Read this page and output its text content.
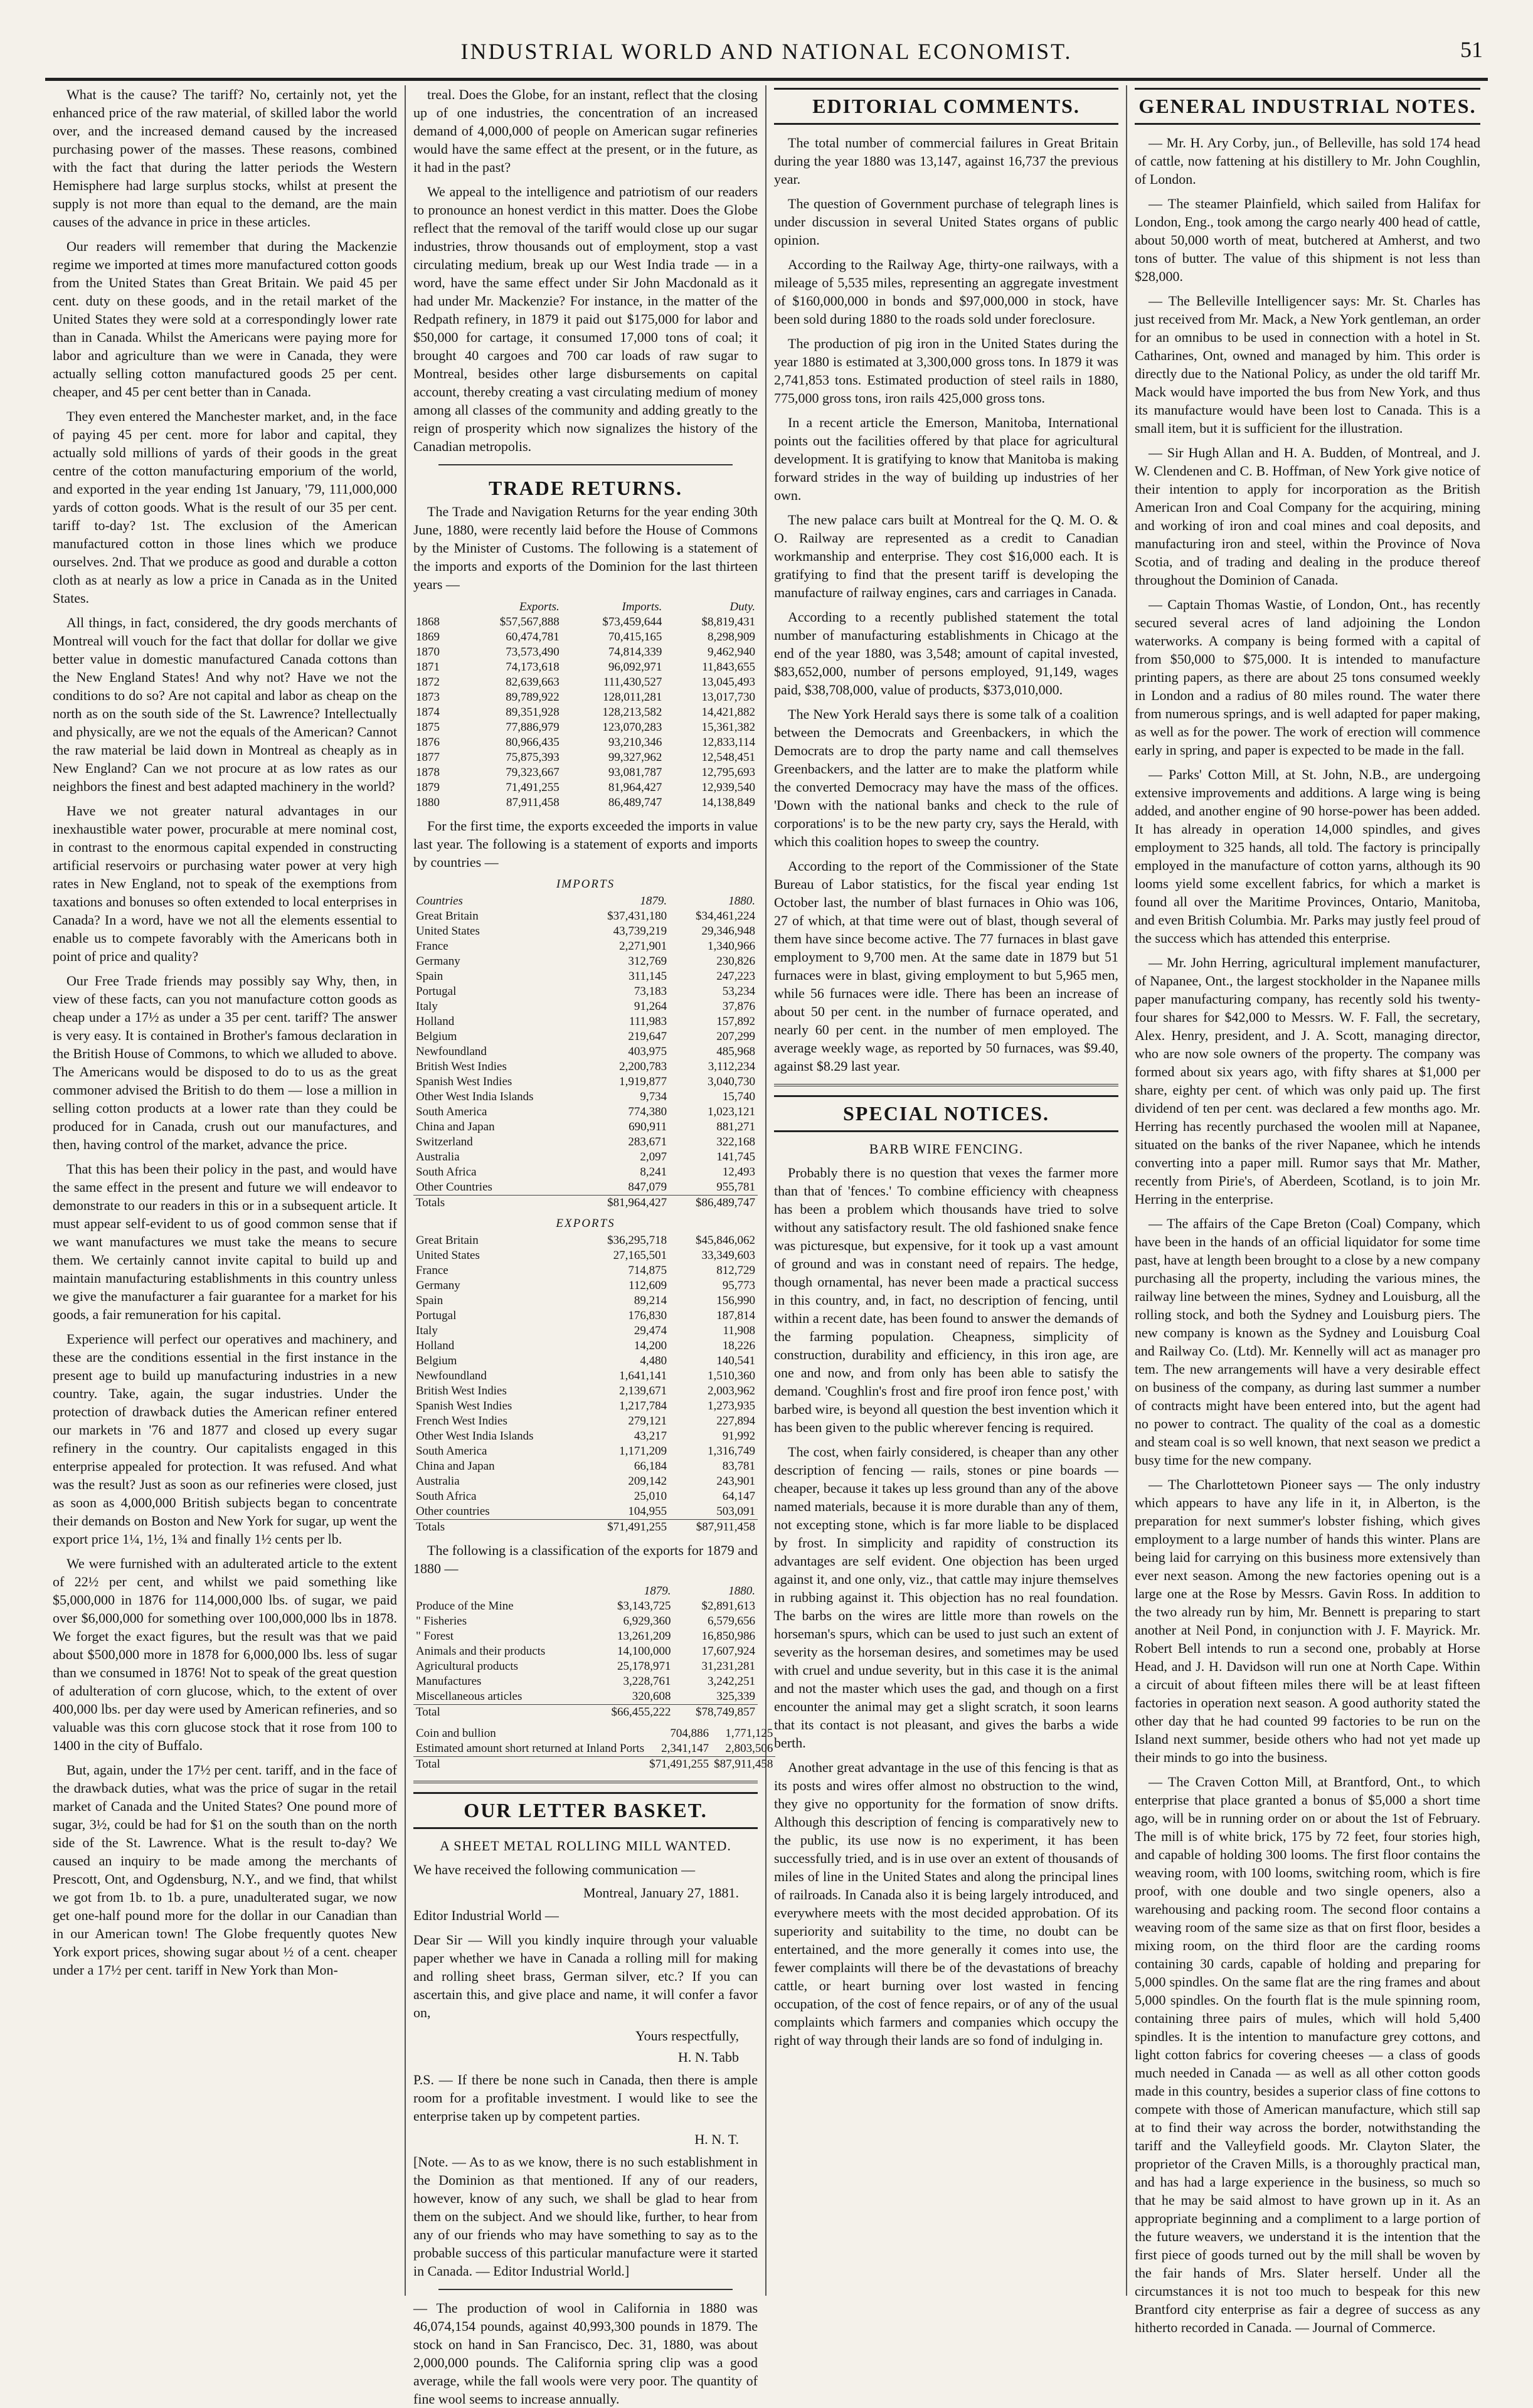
INDUSTRIAL WORLD AND NATIONAL ECONOMIST.	51

What is the cause? The tariff? No, certainly not, yet the enhanced price of the raw material, of skilled labor the world over, and the increased demand caused by the increased purchasing power of the masses. These reasons, combined with the fact that during the latter periods the Western Hemisphere had large surplus stocks, whilst at present the supply is not more than equal to the demand, are the main causes of the advance in price in these articles.

Our readers will remember that during the Mackenzie regime we imported at times more manufactured cotton goods from the United States than Great Britain. We paid 45 per cent. duty on these goods, and in the retail market of the United States they were sold at a correspondingly lower rate than in Canada. Whilst the Americans were paying more for labor and agriculture than we were in Canada, they were actually selling cotton manufactured goods 25 per cent. cheaper, and 45 per cent better than in Canada.

They even entered the Manchester market, and, in the face of paying 45 per cent. more for labor and capital, they actually sold millions of yards of their goods in the great centre of the cotton manufacturing emporium of the world, and exported in the year ending 1st January, '79, 111,000,000 yards of cotton goods. What is the result of our 35 per cent. tariff to-day? 1st. The exclusion of the American manufactured cotton in those lines which we produce ourselves. 2nd. That we produce as good and durable a cotton cloth as at nearly as low a price in Canada as in the United States.

All things, in fact, considered, the dry goods merchants of Montreal will vouch for the fact that dollar for dollar we give better value in domestic manufactured Canada cottons than the New England States! And why not? Have we not the conditions to do so? Are not capital and labor as cheap on the north as on the south side of the St. Lawrence? Intellectually and physically, are we not the equals of the American? Cannot the raw material be laid down in Montreal as cheaply as in New England? Can we not procure at as low rates as our neighbors the finest and best adapted machinery in the world?

Have we not greater natural advantages in our inexhaustible water power, procurable at mere nominal cost, in contrast to the enormous capital expended in constructing artificial reservoirs or purchasing water power at very high rates in New England, not to speak of the exemptions from taxations and bonuses so often extended to local enterprises in Canada? In a word, have we not all the elements essential to enable us to compete favorably with the Americans both in point of price and quality?

Our Free Trade friends may possibly say Why, then, in view of these facts, can you not manufacture cotton goods as cheap under a 17½ as under a 35 per cent. tariff? The answer is very easy. It is contained in Brother's famous declaration in the British House of Commons, to which we alluded to above. The Americans would be disposed to do to us as the great commoner advised the British to do them — lose a million in selling cotton products at a lower rate than they could be produced for in Canada, crush out our manufactures, and then, having control of the market, advance the price.

That this has been their policy in the past, and would have the same effect in the present and future we will endeavor to demonstrate to our readers in this or in a subsequent article. It must appear self-evident to us of good common sense that if we want manufactures we must take the means to secure them. We certainly cannot invite capital to build up and maintain manufacturing establishments in this country unless we give the manufacturer a fair guarantee for a market for his goods, a fair remuneration for his capital.

Experience will perfect our operatives and machinery, and these are the conditions essential in the first instance in the present age to build up manufacturing industries in a new country. Take, again, the sugar industries. Under the protection of drawback duties the American refiner entered our markets in '76 and 1877 and closed up every sugar refinery in the country. Our capitalists engaged in this enterprise appealed for protection. It was refused. And what was the result? Just as soon as our refineries were closed, just as soon as 4,000,000 British subjects began to concentrate their demands on Boston and New York for sugar, up went the export price 1¼, 1½, 1¾ and finally 1½ cents per lb.

We were furnished with an adulterated article to the extent of 22½ per cent, and whilst we paid something like $5,000,000 in 1876 for 114,000,000 lbs. of sugar, we paid over $6,000,000 for something over 100,000,000 lbs in 1878. We forget the exact figures, but the result was that we paid about $500,000 more in 1878 for 6,000,000 lbs. less of sugar than we consumed in 1876! Not to speak of the great question of adulteration of corn glucose, which, to the extent of over 400,000 lbs. per day were used by American refineries, and so valuable was this corn glucose stock that it rose from 100 to 1400 in the city of Buffalo.

But, again, under the 17½ per cent. tariff, and in the face of the drawback duties, what was the price of sugar in the retail market of Canada and the United States? One pound more of sugar, 3½, could be had for $1 on the south than on the north side of the St. Lawrence. What is the result to-day? We caused an inquiry to be made among the merchants of Prescott, Ont, and Ogdensburg, N.Y., and we find, that whilst we got from 1b. to 1b. a pure, unadulterated sugar, we now get one-half pound more for the dollar in our Canadian than in our American town! The Globe frequently quotes New York export prices, showing sugar about ½ of a cent. cheaper under a 17½ per cent. tariff in New York than Mon-

treal. Does the Globe, for an instant, reflect that the closing up of one industries, the concentration of an increased demand of 4,000,000 of people on American sugar refineries would have the same effect at the present, or in the future, as it had in the past?

We appeal to the intelligence and patriotism of our readers to pronounce an honest verdict in this matter. Does the Globe reflect that the removal of the tariff would close up our sugar industries, throw thousands out of employment, stop a vast circulating medium, break up our West India trade — in a word, have the same effect under Sir John Macdonald as it had under Mr. Mackenzie? For instance, in the matter of the Redpath refinery, in 1879 it paid out $175,000 for labor and $50,000 for cartage, it consumed 17,000 tons of coal; it brought 40 cargoes and 700 car loads of raw sugar to Montreal, besides other large disbursements on capital account, thereby creating a vast circulating medium of money among all classes of the community and adding greatly to the reign of prosperity which now signalizes the history of the Canadian metropolis.

TRADE RETURNS.

The Trade and Navigation Returns for the year ending 30th June, 1880, were recently laid before the House of Commons by the Minister of Customs. The following is a statement of the imports and exports of the Dominion for the last thirteen years —

	Exports.	Imports.	Duty.
1868	$57,567,888	$73,459,644	$8,819,431
1869	60,474,781	70,415,165	8,298,909
1870	73,573,490	74,814,339	9,462,940
1871	74,173,618	96,092,971	11,843,655
1872	82,639,663	111,430,527	13,045,493
1873	89,789,922	128,011,281	13,017,730
1874	89,351,928	128,213,582	14,421,882
1875	77,886,979	123,070,283	15,361,382
1876	80,966,435	93,210,346	12,833,114
1877	75,875,393	99,327,962	12,548,451
1878	79,323,667	93,081,787	12,795,693
1879	71,491,255	81,964,427	12,939,540
1880	87,911,458	86,489,747	14,138,849

For the first time, the exports exceeded the imports in value last year. The following is a statement of exports and imports by countries —

IMPORTS
Countries	1879.	1880.
Great Britain	$37,431,180	$34,461,224
United States	43,739,219	29,346,948
France	2,271,901	1,340,966
Germany	312,769	230,826
Spain	311,145	247,223
Portugal	73,183	53,234
Italy	91,264	37,876
Holland	111,983	157,892
Belgium	219,647	207,299
Newfoundland	403,975	485,968
British West Indies	2,200,783	3,112,234
Spanish West Indies	1,919,877	3,040,730
Other West India Islands	9,734	15,740
South America	774,380	1,023,121
China and Japan	690,911	881,271
Switzerland	283,671	322,168
Australia	2,097	141,745
South Africa	8,241	12,493
Other Countries	847,079	955,781
Totals	$81,964,427	$86,489,747
EXPORTS
Great Britain	$36,295,718	$45,846,062
United States	27,165,501	33,349,603
France	714,875	812,729
Germany	112,609	95,773
Spain	89,214	156,990
Portugal	176,830	187,814
Italy	29,474	11,908
Holland	14,200	18,226
Belgium	4,480	140,541
Newfoundland	1,641,141	1,510,360
British West Indies	2,139,671	2,003,962
Spanish West Indies	1,217,784	1,273,935
French West Indies	279,121	227,894
Other West India Islands	43,217	91,992
South America	1,171,209	1,316,749
China and Japan	66,184	83,781
Australia	209,142	243,901
South Africa	25,010	64,147
Other countries	104,955	503,091
Totals	$71,491,255	$87,911,458

The following is a classification of the exports for 1879 and 1880 —

	1879.	1880.
Produce of the Mine	$3,143,725	$2,891,613
" Fisheries	6,929,360	6,579,656
" Forest	13,261,209	16,850,986
Animals and their products	14,100,000	17,607,924
Agricultural products	25,178,971	31,231,281
Manufactures	3,228,761	3,242,251
Miscellaneous articles	320,608	325,339
Total	$66,455,222	$78,749,857
Coin and bullion	704,886	1,771,125
Estimated amount short returned at Inland Ports	2,341,147	2,803,506
Total	$71,491,255	$87,911,458
OUR LETTER BASKET.
A SHEET METAL ROLLING MILL WANTED.

We have received the following communication —

Montreal, January 27, 1881.

Editor Industrial World —

Dear Sir — Will you kindly inquire through your valuable paper whether we have in Canada a rolling mill for making and rolling sheet brass, German silver, etc.? If you can ascertain this, and give place and name, it will confer a favor on,

Yours respectfully,
H. N. Tabb

P.S. — If there be none such in Canada, then there is ample room for a profitable investment. I would like to see the enterprise taken up by competent parties.

H. N. T.

[Note. — As to as we know, there is no such establishment in the Dominion as that mentioned. If any of our readers, however, know of any such, we shall be glad to hear from them on the subject. And we should like, further, to hear from any of our friends who may have something to say as to the probable success of this particular manufacture were it started in Canada. — Editor Industrial World.]

— The production of wool in California in 1880 was 46,074,154 pounds, against 40,993,300 pounds in 1879. The stock on hand in San Francisco, Dec. 31, 1880, was about 2,000,000 pounds. The California spring clip was a good average, while the fall wools were very poor. The quantity of fine wool seems to increase annually.

EDITORIAL COMMENTS.

The total number of commercial failures in Great Britain during the year 1880 was 13,147, against 16,737 the previous year.

The question of Government purchase of telegraph lines is under discussion in several United States organs of public opinion.

According to the Railway Age, thirty-one railways, with a mileage of 5,535 miles, representing an aggregate investment of $160,000,000 in bonds and $97,000,000 in stock, have been sold during 1880 to the roads sold under foreclosure.

The production of pig iron in the United States during the year 1880 is estimated at 3,300,000 gross tons. In 1879 it was 2,741,853 tons. Estimated production of steel rails in 1880, 775,000 gross tons, iron rails 425,000 gross tons.

In a recent article the Emerson, Manitoba, International points out the facilities offered by that place for agricultural development. It is gratifying to know that Manitoba is making forward strides in the way of building up industries of her own.

The new palace cars built at Montreal for the Q. M. O. & O. Railway are represented as a credit to Canadian workmanship and enterprise. They cost $16,000 each. It is gratifying to find that the present tariff is developing the manufacture of railway engines, cars and carriages in Canada.

According to a recently published statement the total number of manufacturing establishments in Chicago at the end of the year 1880, was 3,548; amount of capital invested, $83,652,000, number of persons employed, 91,149, wages paid, $38,708,000, value of products, $373,010,000.

The New York Herald says there is some talk of a coalition between the Democrats and Greenbackers, in which the Democrats are to drop the party name and call themselves Greenbackers, and the latter are to make the platform while the converted Democracy may have the mass of the offices. 'Down with the national banks and check to the rule of corporations' is to be the new party cry, says the Herald, with which this coalition hopes to sweep the country.

According to the report of the Commissioner of the State Bureau of Labor statistics, for the fiscal year ending 1st October last, the number of blast furnaces in Ohio was 106, 27 of which, at that time were out of blast, though several of them have since become active. The 77 furnaces in blast gave employment to 9,700 men. At the same date in 1879 but 51 furnaces were in blast, giving employment to but 5,965 men, while 56 furnaces were idle. There has been an increase of about 50 per cent. in the number of furnace operated, and nearly 60 per cent. in the number of men employed. The average weekly wage, as reported by 50 furnaces, was $9.40, against $8.29 last year.

SPECIAL NOTICES.
BARB WIRE FENCING.

Probably there is no question that vexes the farmer more than that of 'fences.' To combine efficiency with cheapness has been a problem which thousands have tried to solve without any satisfactory result. The old fashioned snake fence was picturesque, but expensive, for it took up a vast amount of ground and was in constant need of repairs. The hedge, though ornamental, has never been made a practical success in this country, and, in fact, no description of fencing, until within a recent date, has been found to answer the demands of the farming population. Cheapness, simplicity of construction, durability and efficiency, in this iron age, are one and now, and from only has been able to satisfy the demand. 'Coughlin's frost and fire proof iron fence post,' with barbed wire, is beyond all question the best invention which it has been given to the public wherever fencing is required.

The cost, when fairly considered, is cheaper than any other description of fencing — rails, stones or pine boards — cheaper, because it takes up less ground than any of the above named materials, because it is more durable than any of them, not excepting stone, which is far more liable to be displaced by frost. In simplicity and rapidity of construction its advantages are self evident. One objection has been urged against it, and one only, viz., that cattle may injure themselves in rubbing against it. This objection has no real foundation. The barbs on the wires are little more than rowels on the horseman's spurs, which can be used to just such an extent of severity as the horseman desires, and sometimes may be used with cruel and undue severity, but in this case it is the animal and not the master which uses the gad, and though on a first encounter the animal may get a slight scratch, it soon learns that its contact is not pleasant, and gives the barbs a wide berth.

Another great advantage in the use of this fencing is that as its posts and wires offer almost no obstruction to the wind, they give no opportunity for the formation of snow drifts. Although this description of fencing is comparatively new to the public, its use now is no experiment, it has been successfully tried, and is in use over an extent of thousands of miles of line in the United States and along the principal lines of railroads. In Canada also it is being largely introduced, and everywhere meets with the most decided approbation. Of its superiority and suitability to the time, no doubt can be entertained, and the more generally it comes into use, the fewer complaints will there be of the devastations of breachy cattle, or heart burning over lost wasted in fencing occupation, of the cost of fence repairs, or of any of the usual complaints which farmers and companies which occupy the right of way through their lands are so fond of indulging in.

GENERAL INDUSTRIAL NOTES.

— Mr. H. Ary Corby, jun., of Belleville, has sold 174 head of cattle, now fattening at his distillery to Mr. John Coughlin, of London.

— The steamer Plainfield, which sailed from Halifax for London, Eng., took among the cargo nearly 400 head of cattle, about 50,000 worth of meat, butchered at Amherst, and two tons of butter. The value of this shipment is not less than $28,000.

— The Belleville Intelligencer says: Mr. St. Charles has just received from Mr. Mack, a New York gentleman, an order for an omnibus to be used in connection with a hotel in St. Catharines, Ont, owned and managed by him. This order is directly due to the National Policy, as under the old tariff Mr. Mack would have imported the bus from New York, and thus its manufacture would have been lost to Canada. This is a small item, but it is sufficient for the illustration.

— Sir Hugh Allan and H. A. Budden, of Montreal, and J. W. Clendenen and C. B. Hoffman, of New York give notice of their intention to apply for incorporation as the British American Iron and Coal Company for the acquiring, mining and working of iron and coal mines and coal deposits, and manufacturing iron and steel, within the Province of Nova Scotia, and of trading and dealing in the produce thereof throughout the Dominion of Canada.

— Captain Thomas Wastie, of London, Ont., has recently secured several acres of land adjoining the London waterworks. A company is being formed with a capital of from $50,000 to $75,000. It is intended to manufacture printing papers, as there are about 25 tons consumed weekly in London and a radius of 80 miles round. The water there from numerous springs, and is well adapted for paper making, as well as for the power. The work of erection will commence early in spring, and paper is expected to be made in the fall.

— Parks' Cotton Mill, at St. John, N.B., are undergoing extensive improvements and additions. A large wing is being added, and another engine of 90 horse-power has been added. It has already in operation 14,000 spindles, and gives employment to 325 hands, all told. The factory is principally employed in the manufacture of cotton yarns, although its 90 looms yield some excellent fabrics, for which a market is found all over the Maritime Provinces, Ontario, Manitoba, and even British Columbia. Mr. Parks may justly feel proud of the success which has attended this enterprise.

— Mr. John Herring, agricultural implement manufacturer, of Napanee, Ont., the largest stockholder in the Napanee mills paper manufacturing company, has recently sold his twenty-four shares for $42,000 to Messrs. W. F. Fall, the secretary, Alex. Henry, president, and J. A. Scott, managing director, who are now sole owners of the property. The company was formed about six years ago, with fifty shares at $1,000 per share, eighty per cent. of which was only paid up. The first dividend of ten per cent. was declared a few months ago. Mr. Herring has recently purchased the woolen mill at Napanee, situated on the banks of the river Napanee, which he intends converting into a paper mill. Rumor says that Mr. Mather, recently from Pirie's, of Aberdeen, Scotland, is to join Mr. Herring in the enterprise.

— The affairs of the Cape Breton (Coal) Company, which have been in the hands of an official liquidator for some time past, have at length been brought to a close by a new company purchasing all the property, including the various mines, the railway line between the mines, Sydney and Louisburg, all the rolling stock, and both the Sydney and Louisburg piers. The new company is known as the Sydney and Louisburg Coal and Railway Co. (Ltd). Mr. Kennelly will act as manager pro tem. The new arrangements will have a very desirable effect on business of the company, as during last summer a number of contracts might have been entered into, but the agent had no power to contract. The quality of the coal as a domestic and steam coal is so well known, that next season we predict a busy time for the new company.

— The Charlottetown Pioneer says — The only industry which appears to have any life in it, in Alberton, is the preparation for next summer's lobster fishing, which gives employment to a large number of hands this winter. Plans are being laid for carrying on this business more extensively than ever next season. Among the new factories opening out is a large one at the Rose by Messrs. Gavin Ross. In addition to the two already run by him, Mr. Bennett is preparing to start another at Neil Pond, in conjunction with J. F. Mayrick. Mr. Robert Bell intends to run a second one, probably at Horse Head, and J. H. Davidson will run one at North Cape. Within a circuit of about fifteen miles there will be at least fifteen factories in operation next season. A good authority stated the other day that he had counted 99 factories to be run on the Island next summer, beside others who had not yet made up their minds to go into the business.

— The Craven Cotton Mill, at Brantford, Ont., to which enterprise that place granted a bonus of $5,000 a short time ago, will be in running order on or about the 1st of February. The mill is of white brick, 175 by 72 feet, four stories high, and capable of holding 300 looms. The first floor contains the weaving room, with 100 looms, switching room, which is fire proof, with one double and two single openers, also a warehousing and packing room. The second floor contains a weaving room of the same size as that on first floor, besides a mixing room, on the third floor are the carding rooms containing 30 cards, capable of holding and preparing for 5,000 spindles. On the same flat are the ring frames and about 5,000 spindles. On the fourth flat is the mule spinning room, containing three pairs of mules, which will hold 5,400 spindles. It is the intention to manufacture grey cottons, and light cotton fabrics for covering cheeses — a class of goods much needed in Canada — as well as all other cotton goods made in this country, besides a superior class of fine cottons to compete with those of American manufacture, which still sap at to find their way across the border, notwithstanding the tariff and the Valleyfield goods. Mr. Clayton Slater, the proprietor of the Craven Mills, is a thoroughly practical man, and has had a large experience in the business, so much so that he may be said almost to have grown up in it. As an appropriate beginning and a compliment to a large portion of the future weavers, we understand it is the intention that the first piece of goods turned out by the mill shall be woven by the fair hands of Mrs. Slater herself. Under all the circumstances it is not too much to bespeak for this new Brantford city enterprise as fair a degree of success as any hitherto recorded in Canada. — Journal of Commerce.
